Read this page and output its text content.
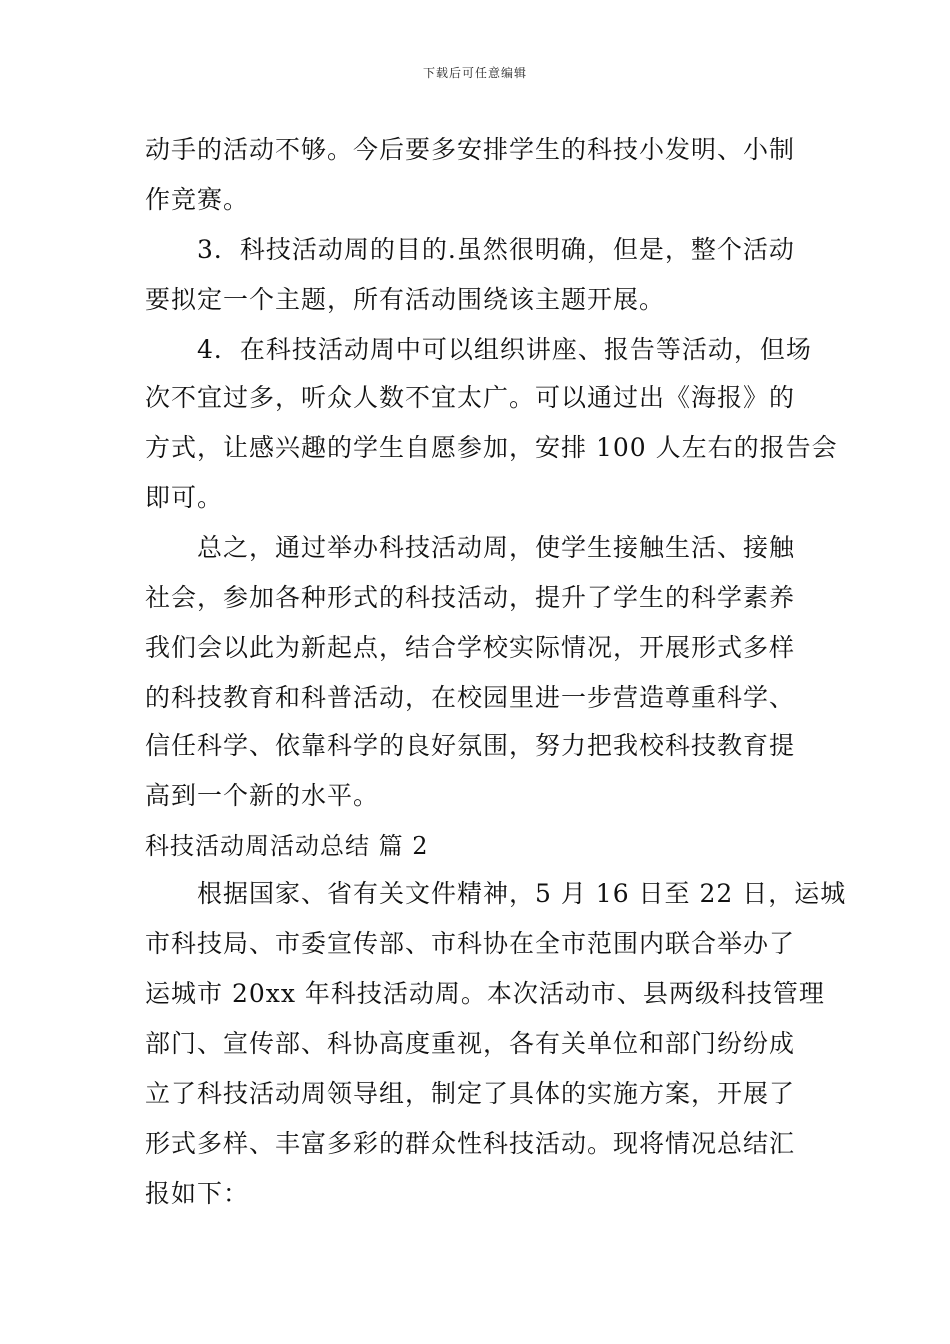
下载后可任意编辑
动手的活动不够。今后要多安排学生的科技小发明、小制
作竞赛。
3．科技活动周的目的.虽然很明确，但是，整个活动
要拟定一个主题，所有活动围绕该主题开展。
4．在科技活动周中可以组织讲座、报告等活动，但场
次不宜过多，听众人数不宜太广。可以通过出《海报》的
方式，让感兴趣的学生自愿参加，安排 100 人左右的报告会
即可。
总之，通过举办科技活动周，使学生接触生活、接触
社会，参加各种形式的科技活动，提升了学生的科学素养
我们会以此为新起点，结合学校实际情况，开展形式多样
的科技教育和科普活动，在校园里进一步营造尊重科学、
信任科学、依靠科学的良好氛围，努力把我校科技教育提
高到一个新的水平。
科技活动周活动总结 篇 2
根据国家、省有关文件精神，5 月 16 日至 22 日，运城
市科技局、市委宣传部、市科协在全市范围内联合举办了
运城市 20xx 年科技活动周。本次活动市、县两级科技管理
部门、宣传部、科协高度重视，各有关单位和部门纷纷成
立了科技活动周领导组，制定了具体的实施方案，开展了
形式多样、丰富多彩的群众性科技活动。现将情况总结汇
报如下：
